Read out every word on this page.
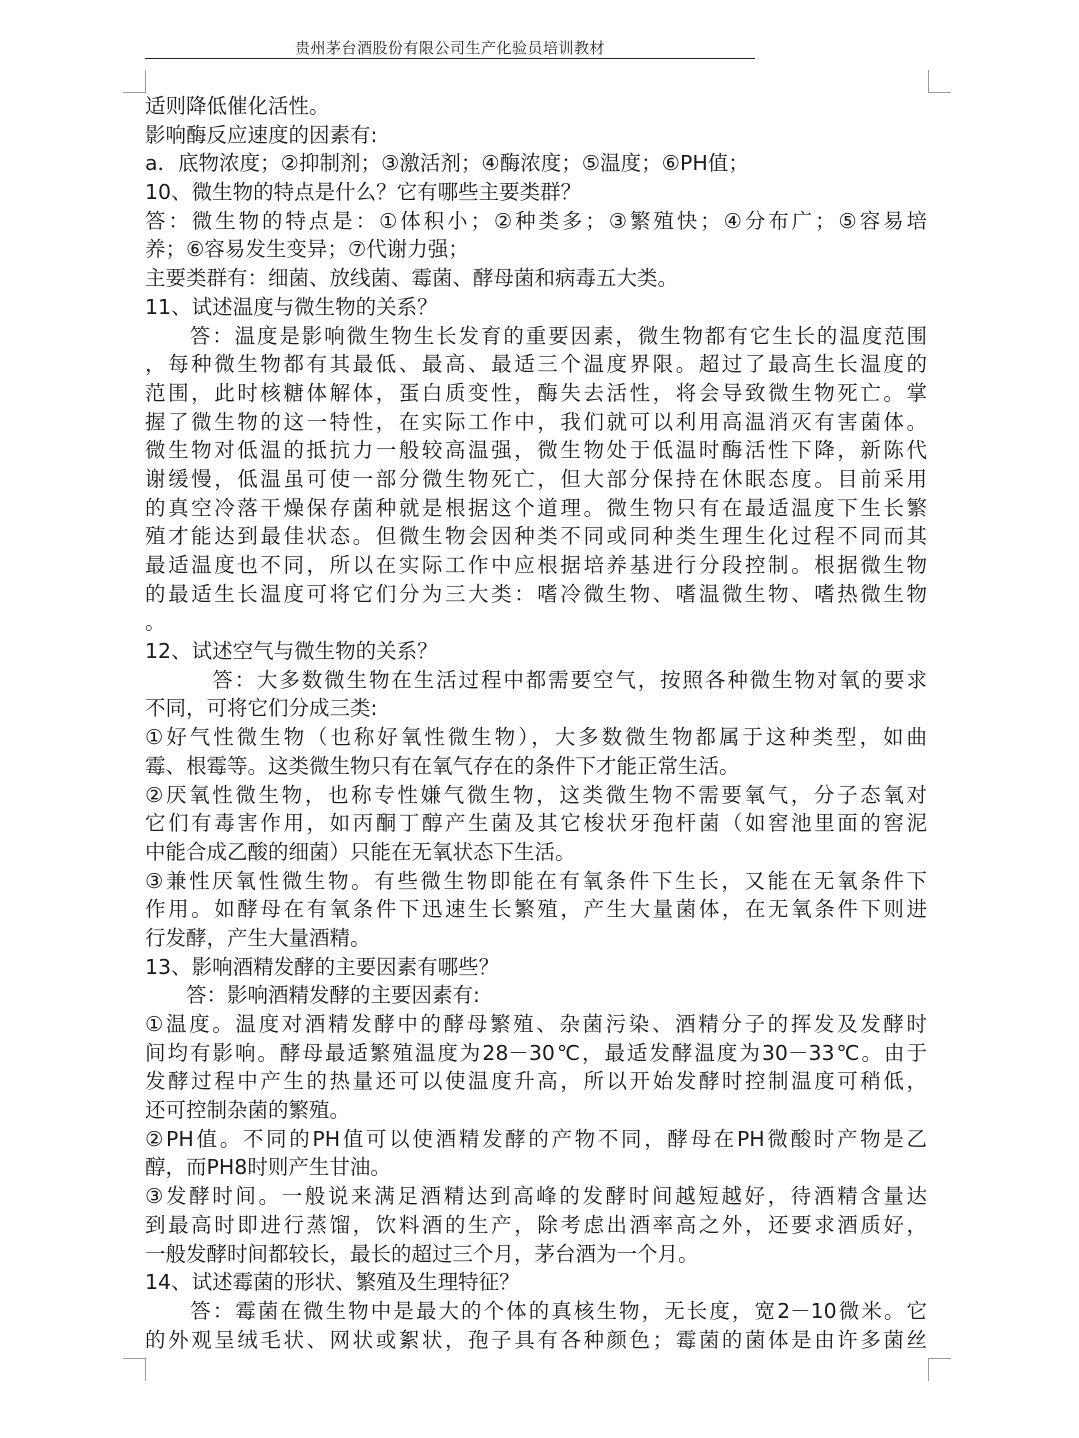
贵州茅台酒股份有限公司生产化验员培训教材
适则降低催化活性。
影响酶反应速度的因素有:
a．底物浓度；②抑制剂；③激活剂；④酶浓度；⑤温度；⑥PH值；
10、微生物的特点是什么？它有哪些主要类群？
答：微生物的特点是：①体积小；②种类多；③繁殖快；④分布广；⑤容易培
养；⑥容易发生变异；⑦代谢力强；
主要类群有：细菌、放线菌、霉菌、酵母菌和病毒五大类。
11、试述温度与微生物的关系？
　　答：温度是影响微生物生长发育的重要因素，微生物都有它生长的温度范围
，每种微生物都有其最低、最高、最适三个温度界限。超过了最高生长温度的
范围，此时核糖体解体，蛋白质变性，酶失去活性，将会导致微生物死亡。掌
握了微生物的这一特性，在实际工作中，我们就可以利用高温消灭有害菌体。
微生物对低温的抵抗力一般较高温强，微生物处于低温时酶活性下降，新陈代
谢缓慢，低温虽可使一部分微生物死亡，但大部分保持在休眠态度。目前采用
的真空冷落干燥保存菌种就是根据这个道理。微生物只有在最适温度下生长繁
殖才能达到最佳状态。但微生物会因种类不同或同种类生理生化过程不同而其
最适温度也不同，所以在实际工作中应根据培养基进行分段控制。根据微生物
的最适生长温度可将它们分为三大类：嗜冷微生物、嗜温微生物、嗜热微生物
。
12、试述空气与微生物的关系？
　　　答：大多数微生物在生活过程中都需要空气，按照各种微生物对氧的要求
不同，可将它们分成三类:
①好气性微生物（也称好氧性微生物），大多数微生物都属于这种类型，如曲
霉、根霉等。这类微生物只有在氧气存在的条件下才能正常生活。
②厌氧性微生物，也称专性嫌气微生物，这类微生物不需要氧气，分子态氧对
它们有毒害作用，如丙酮丁醇产生菌及其它梭状牙孢杆菌（如窖池里面的窖泥
中能合成乙酸的细菌）只能在无氧状态下生活。
③兼性厌氧性微生物。有些微生物即能在有氧条件下生长，又能在无氧条件下
作用。如酵母在有氧条件下迅速生长繁殖，产生大量菌体，在无氧条件下则进
行发酵，产生大量酒精。
13、影响酒精发酵的主要因素有哪些？
　　答：影响酒精发酵的主要因素有:
①温度。温度对酒精发酵中的酵母繁殖、杂菌污染、酒精分子的挥发及发酵时
间均有影响。酵母最适繁殖温度为28－30℃，最适发酵温度为30－33℃。由于
发酵过程中产生的热量还可以使温度升高，所以开始发酵时控制温度可稍低，
还可控制杂菌的繁殖。
②PH值。不同的PH值可以使酒精发酵的产物不同，酵母在PH微酸时产物是乙
醇，而PH8时则产生甘油。
③发酵时间。一般说来满足酒精达到高峰的发酵时间越短越好，待酒精含量达
到最高时即进行蒸馏，饮料酒的生产，除考虑出酒率高之外，还要求酒质好，
一般发酵时间都较长，最长的超过三个月，茅台酒为一个月。
14、试述霉菌的形状、繁殖及生理特征？
　　答：霉菌在微生物中是最大的个体的真核生物，无长度，宽2－10微米。它
的外观呈绒毛状、网状或絮状，孢子具有各种颜色；霉菌的菌体是由许多菌丝
